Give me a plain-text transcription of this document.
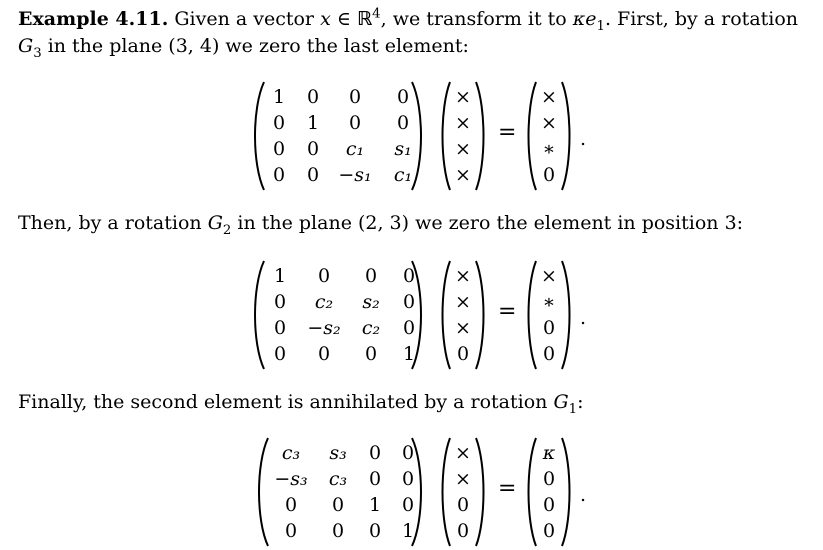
Example 4.11. Given a vector x ∈ ℝ$^4$, we transform it to $\kappa e_1$. First, by a rotation
$G_3$ in the plane (3, 4) we zero the last element:
1	0	0	0
0	1	0	0
0	0	c₁	s₁
0	0	−s₁	c₁
×
×
×
×
=
×
×
∗
0
.
Then, by a rotation $G_2$ in the plane (2, 3) we zero the element in position 3:
1	0	0	0
0	c₂	s₂	0
0	−s₂	c₂	0
0	0	0	1
×
×
×
0
=
×
∗
0
0
.
Finally, the second element is annihilated by a rotation $G_1$:
c₃	s₃	0	0
−s₃	c₃	0	0
0	0	1	0
0	0	0	1
×
×
0
0
=
κ
0
0
0
.
